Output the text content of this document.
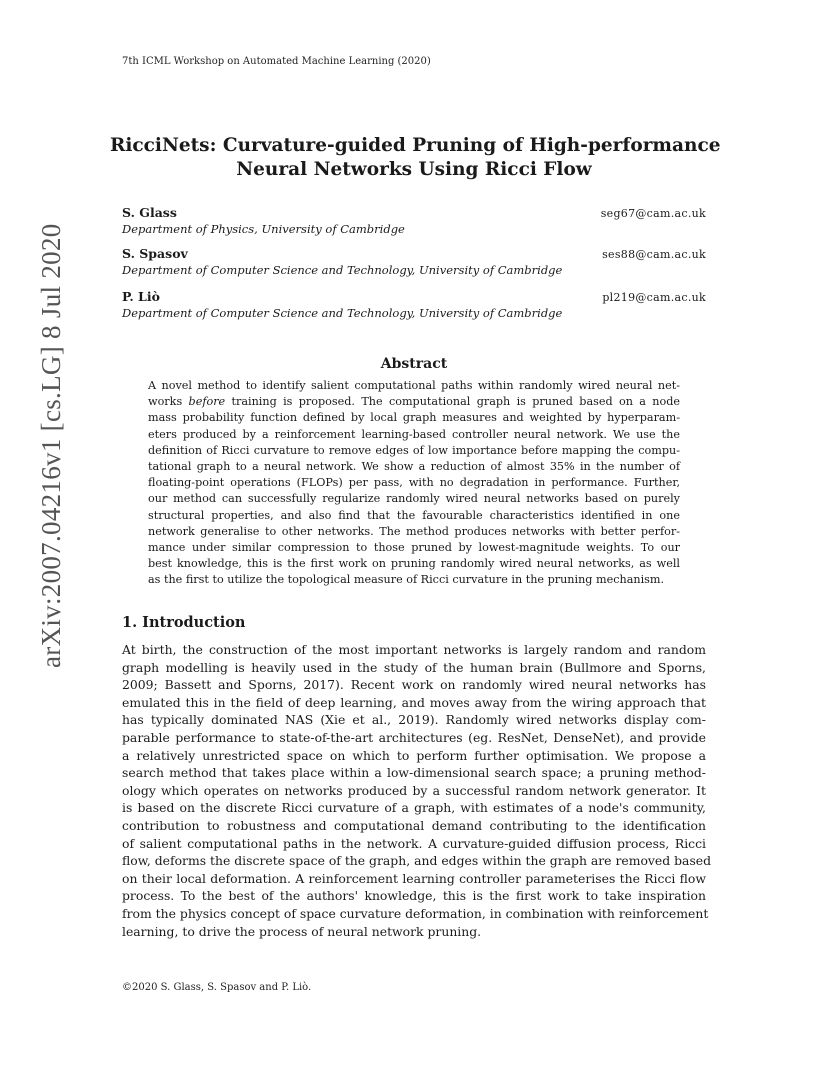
7th ICML Workshop on Automated Machine Learning (2020)
arXiv:2007.04216v1 [cs.LG] 8 Jul 2020
RicciNets: Curvature-guided Pruning of High-performance
Neural Networks Using Ricci Flow
S. Glass	seg67@cam.ac.uk
Department of Physics, University of Cambridge
S. Spasov	ses88@cam.ac.uk
Department of Computer Science and Technology, University of Cambridge
P. Liò	pl219@cam.ac.uk
Department of Computer Science and Technology, University of Cambridge
Abstract
A novel method to identify salient computational paths within randomly wired neural net-
works before training is proposed. The computational graph is pruned based on a node
mass probability function defined by local graph measures and weighted by hyperparam-
eters produced by a reinforcement learning-based controller neural network. We use the
definition of Ricci curvature to remove edges of low importance before mapping the compu-
tational graph to a neural network. We show a reduction of almost 35% in the number of
floating-point operations (FLOPs) per pass, with no degradation in performance. Further,
our method can successfully regularize randomly wired neural networks based on purely
structural properties, and also find that the favourable characteristics identified in one
network generalise to other networks. The method produces networks with better perfor-
mance under similar compression to those pruned by lowest-magnitude weights. To our
best knowledge, this is the first work on pruning randomly wired neural networks, as well
as the first to utilize the topological measure of Ricci curvature in the pruning mechanism.
1. Introduction
At birth, the construction of the most important networks is largely random and random
graph modelling is heavily used in the study of the human brain (Bullmore and Sporns,
2009; Bassett and Sporns, 2017). Recent work on randomly wired neural networks has
emulated this in the field of deep learning, and moves away from the wiring approach that
has typically dominated NAS (Xie et al., 2019). Randomly wired networks display com-
parable performance to state-of-the-art architectures (eg. ResNet, DenseNet), and provide
a relatively unrestricted space on which to perform further optimisation. We propose a
search method that takes place within a low-dimensional search space; a pruning method-
ology which operates on networks produced by a successful random network generator. It
is based on the discrete Ricci curvature of a graph, with estimates of a node's community,
contribution to robustness and computational demand contributing to the identification
of salient computational paths in the network. A curvature-guided diffusion process, Ricci
flow, deforms the discrete space of the graph, and edges within the graph are removed based
on their local deformation. A reinforcement learning controller parameterises the Ricci flow
process. To the best of the authors' knowledge, this is the first work to take inspiration
from the physics concept of space curvature deformation, in combination with reinforcement
learning, to drive the process of neural network pruning.
©2020 S. Glass, S. Spasov and P. Liò.
